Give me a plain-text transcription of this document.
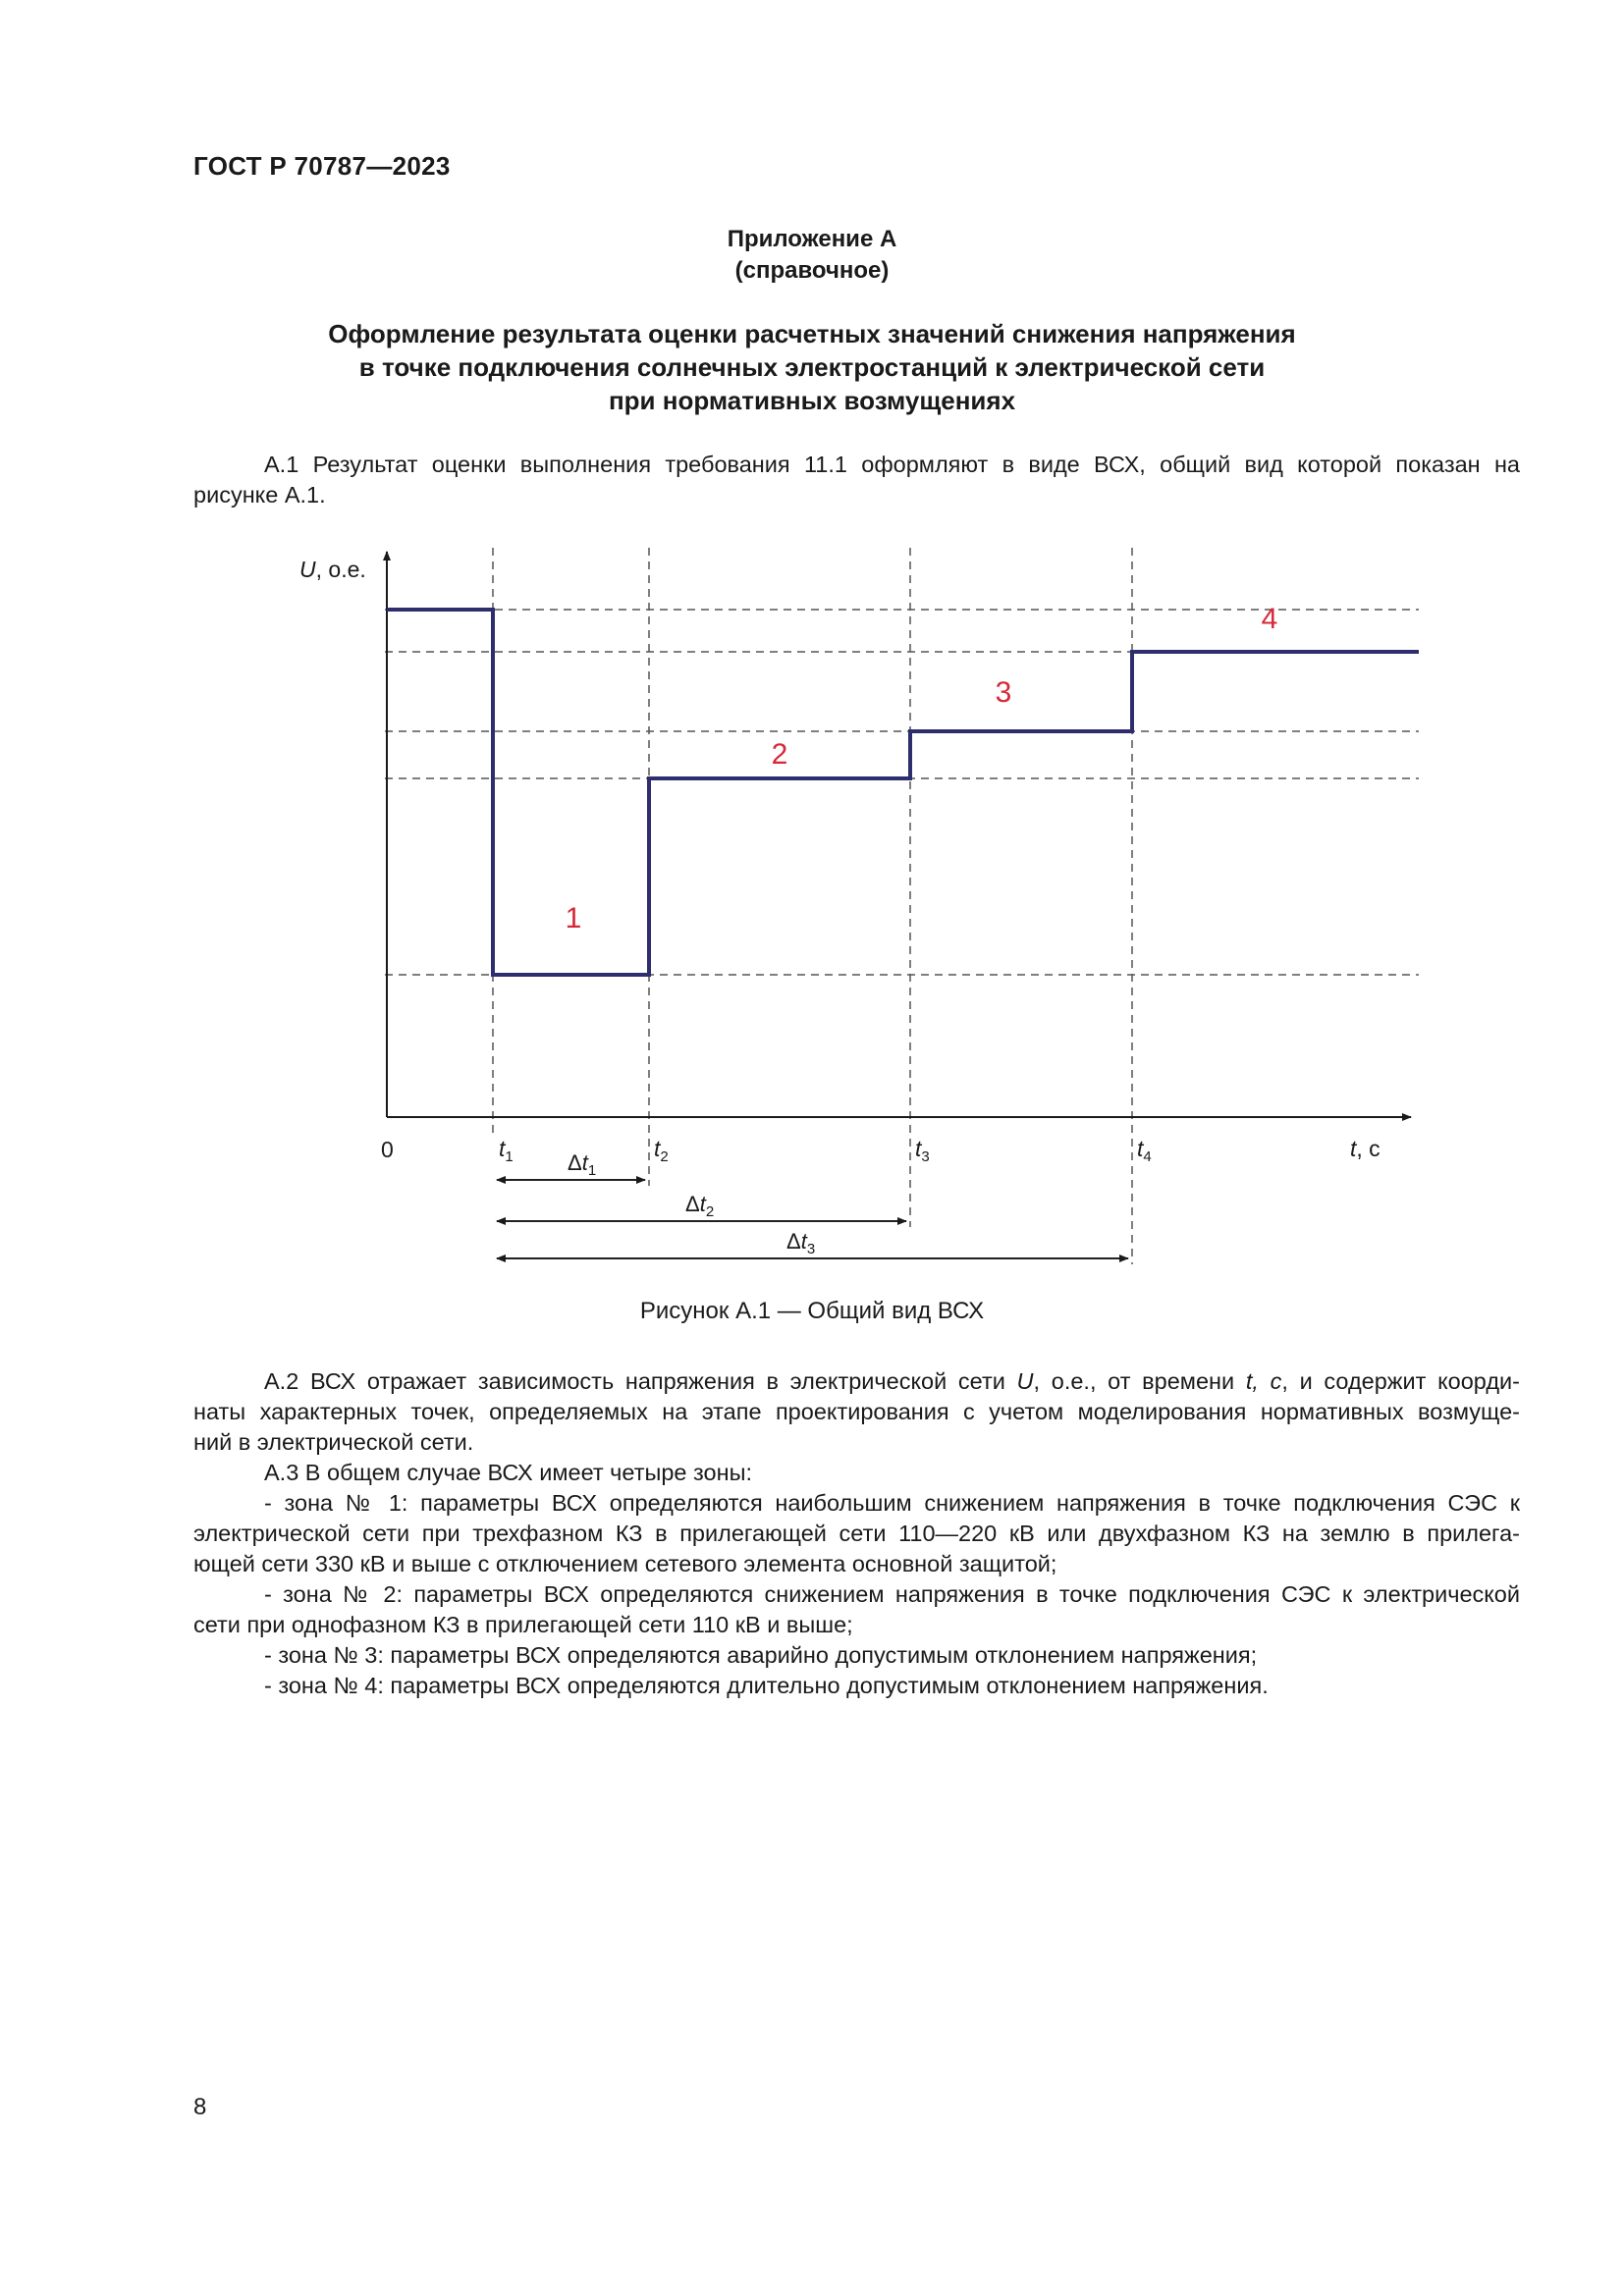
ГОСТ Р 70787—2023
Приложение А
(справочное)
Оформление результата оценки расчетных значений снижения напряжения
в точке подключения солнечных электростанций к электрической сети
при нормативных возмущениях
А.1 Результат оценки выполнения требования 11.1 оформляют в виде ВСХ, общий вид которой показан на
рисунке А.1.
1
2
3
4
U, о.е.
t, с
0	$t_1$	$t_2$	$t_3$	$t_4$
$\Delta t_1$
$\Delta t_2$
$\Delta t_3$
Рисунок А.1 — Общий вид ВСХ
А.2 ВСХ отражает зависимость напряжения в электрической сети U, о.е., от времени t, с, и содержит коорди-
наты характерных точек, определяемых на этапе проектирования с учетом моделирования нормативных возмуще-
ний в электрической сети.
А.3 В общем случае ВСХ имеет четыре зоны:
- зона № 1: параметры ВСХ определяются наибольшим снижением напряжения в точке подключения СЭС к
электрической сети при трехфазном КЗ в прилегающей сети 110—220 кВ или двухфазном КЗ на землю в прилега-
ющей сети 330 кВ и выше с отключением сетевого элемента основной защитой;
- зона № 2: параметры ВСХ определяются снижением напряжения в точке подключения СЭС к электрической
сети при однофазном КЗ в прилегающей сети 110 кВ и выше;
- зона № 3: параметры ВСХ определяются аварийно допустимым отклонением напряжения;
- зона № 4: параметры ВСХ определяются длительно допустимым отклонением напряжения.
8
